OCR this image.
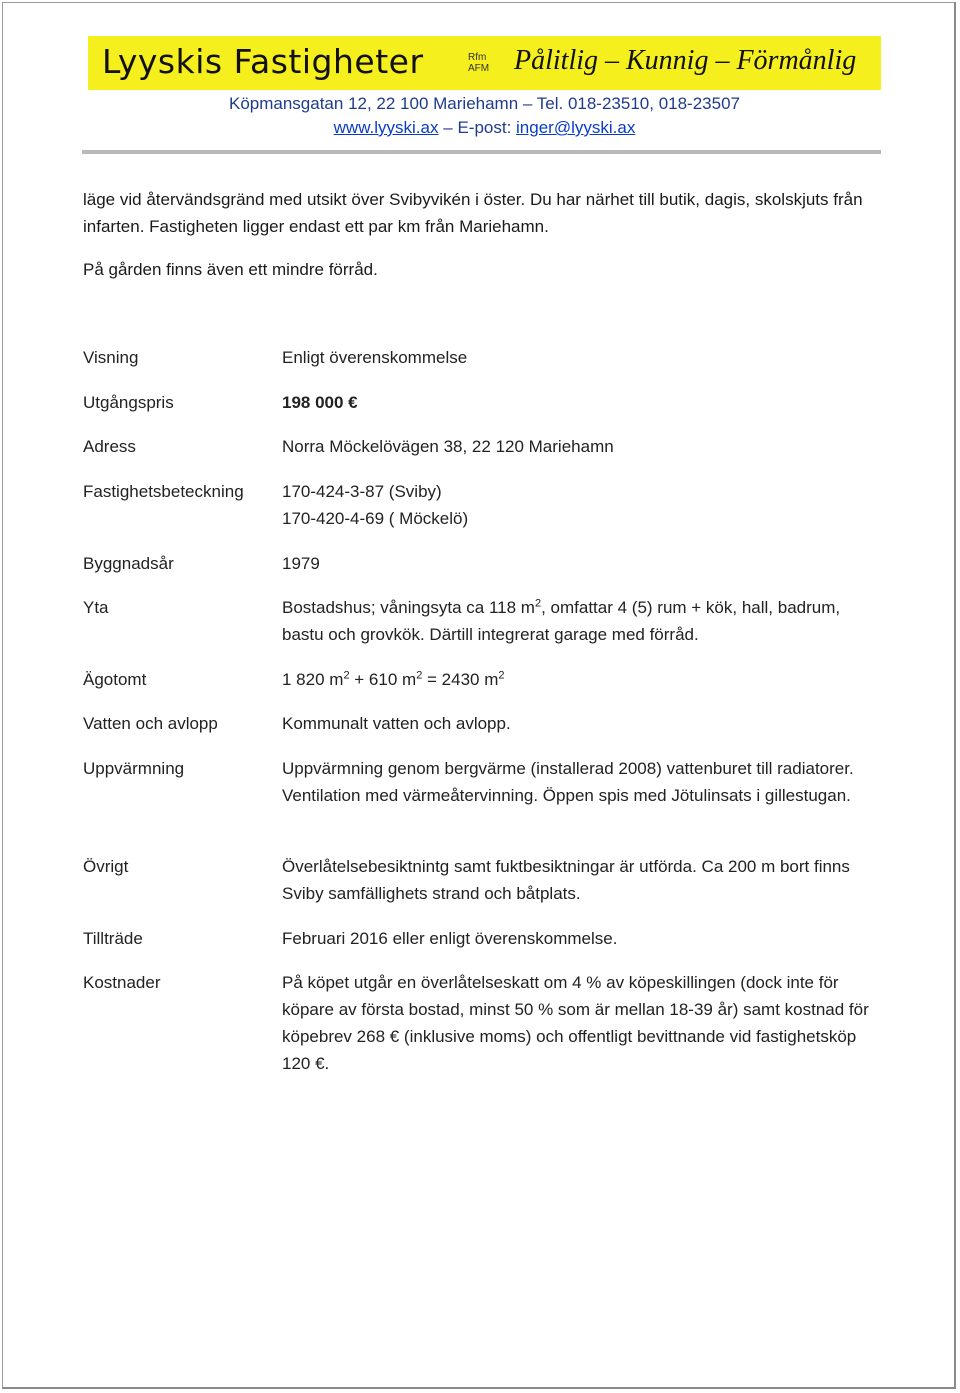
Lyyskis Fastigheter	Rfm
AFM Pålitlig – Kunnig – Förmånlig
Köpmansgatan 12, 22 100 Mariehamn – Tel. 018-23510, 018-23507
www.lyyski.ax – E-post: inger@lyyski.ax
läge vid återvändsgränd med utsikt över Svibyvikén i öster. Du har närhet till butik, dagis, skolskjuts från infarten. Fastigheten ligger endast ett par km från Mariehamn.
På gården finns även ett mindre förråd.
Visning	Enligt överenskommelse
Utgångspris	198 000 €
Adress	Norra Möckelövägen 38, 22 120 Mariehamn
Fastighetsbeteckning 170-424-3-87 (Sviby)
170-420-4-69 ( Möckelö)
Byggnadsår	1979
Yta	Bostadshus; våningsyta ca 118 $m^2$, omfattar 4 (5) rum + kök, hall, badrum,
bastu och grovkök. Därtill integrerat garage med förråd.
Ägotomt	1 820 $m^2 + 610$ $m^2 = 2430$ $m^2$
Vatten och avlopp	Kommunalt vatten och avlopp.
Uppvärmning	Uppvärmning genom bergvärme (installerad 2008) vattenburet till radiatorer. Ventilation med värmeåtervinning. Öppen spis med Jötulinsats i gillestugan.
Övrigt	Överlåtelsebesiktnintg samt fuktbesiktningar är utförda. Ca 200 m bort finns Sviby samfällighets strand och båtplats.
Tillträde	Februari 2016 eller enligt överenskommelse.
Kostnader	På köpet utgår en överlåtelseskatt om 4 % av köpeskillingen (dock inte för köpare av första bostad, minst 50 % som är mellan 18-39 år) samt kostnad för köpebrev 268 € (inklusive moms) och offentligt bevittnande vid fastighetsköp 120 €.
